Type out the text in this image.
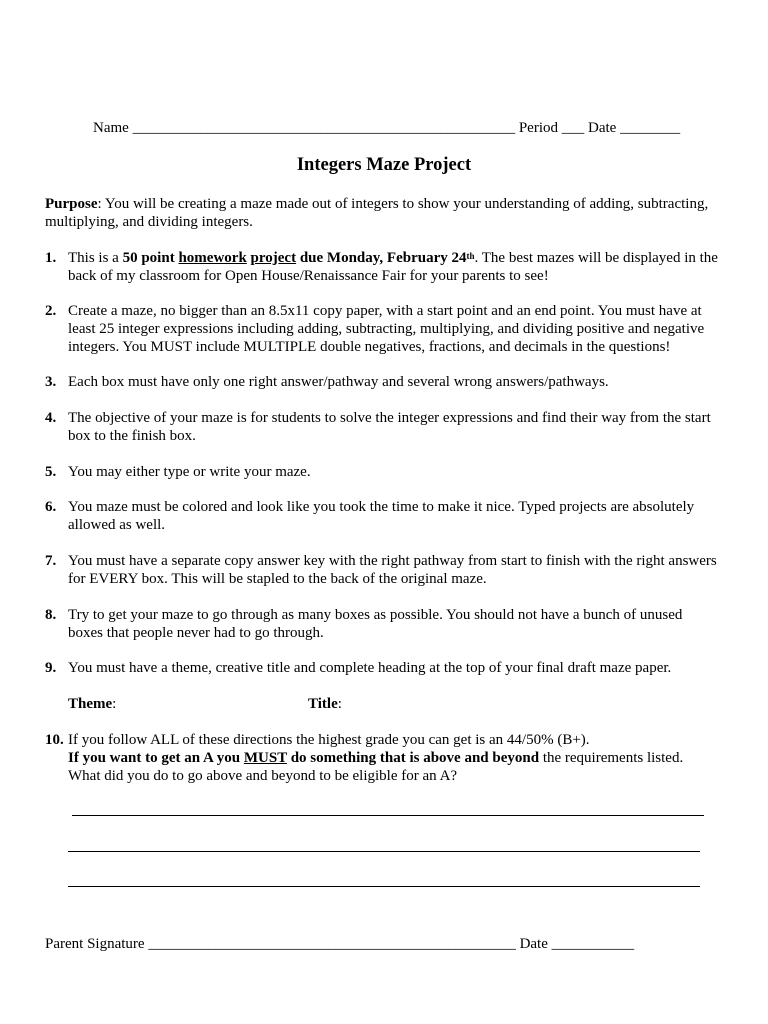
Name ___________________________________________________ Period ___ Date ________
Integers Maze Project
Purpose: You will be creating a maze made out of integers to show your understanding of adding, subtracting,
multiplying, and dividing integers.
1. This is a 50 point homework project due Monday, February 24th. The best mazes will be displayed in the
back of my classroom for Open House/Renaissance Fair for your parents to see!
2. Create a maze, no bigger than an 8.5x11 copy paper, with a start point and an end point. You must have at
least 25 integer expressions including adding, subtracting, multiplying, and dividing positive and negative
integers. You MUST include MULTIPLE double negatives, fractions, and decimals in the questions!
3. Each box must have only one right answer/pathway and several wrong answers/pathways.
4. The objective of your maze is for students to solve the integer expressions and find their way from the start
box to the finish box.
5. You may either type or write your maze.
6. You maze must be colored and look like you took the time to make it nice. Typed projects are absolutely
allowed as well.
7. You must have a separate copy answer key with the right pathway from start to finish with the right answers
for EVERY box. This will be stapled to the back of the original maze.
8. Try to get your maze to go through as many boxes as possible. You should not have a bunch of unused
boxes that people never had to go through.
9. You must have a theme, creative title and complete heading at the top of your final draft maze paper.
Theme:	Title:
10. If you follow ALL of these directions the highest grade you can get is an 44/50% (B+).
If you want to get an A you MUST do something that is above and beyond the requirements listed.
What did you do to go above and beyond to be eligible for an A?
Parent Signature _________________________________________________ Date ___________
